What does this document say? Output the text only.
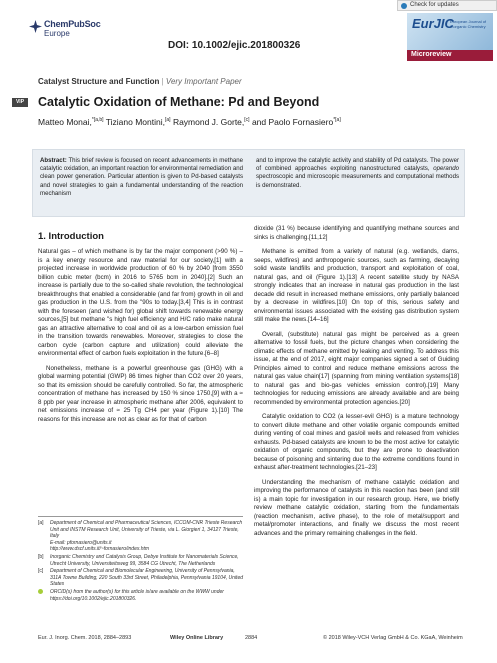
ChemPubSoc
Europe
Check for updates
DOI: 10.1002/ejic.201800326
EurJIC
European Journal of Inorganic Chemistry
Microreview
Catalyst Structure and Function | Very Important Paper
VIP	Catalytic Oxidation of Methane: Pd and Beyond
Matteo Monai,$^{*[a,b]}$ Tiziano Montini,[a] Raymond J. Gorte,[c] and Paolo Fornasiero$^{*[a]}$
Abstract: This brief review is focused on recent advancements in methane catalytic oxidation, an important reaction for environmental remediation and clean power generation. Particular attention is given to Pd-based catalysts and novel strategies to gain a fundamental understanding of the reaction mechanism
and to improve the catalytic activity and stability of Pd catalysts. The power of combined approaches exploiting nanostructured catalysts, operando spectroscopic and microscopic measurements and computational methods is demonstrated.
1. Introduction

Natural gas – of which methane is by far the major component (>90 %) – is a key energy resource and raw material for our society,[1] with a projected increase in worldwide production of 60 % by 2040 [from 3550 billion cubic meter (bcm) in 2016 to 5765 bcm in 2040].[2] Such an increase is partially due to the so-called shale revolution, the technological breakthroughs that enabled a considerable (and far from) growth in oil and gas production in the U.S. from the "90s to today.[3,4] This is in contrast with the foreseen (and wished for) global shift towards renewable energy sources,[5] but methane "s high fuel efficiency and H/C ratio make natural gas an attractive alternative to coal and oil as a low-carbon emission fuel in the transition towards renewables. Moreover, strategies to close the carbon cycle (carbon capture and utilization) could alleviate the environmental effect of carbon fuels exploitation in the future.[6–8]

Nonetheless, methane is a powerful greenhouse gas (GHG) with a global warming potential (GWP) 86 times higher than CO2 over 20 years, so that its emission should be carefully controlled. So far, the atmospheric concentration of methane has increased by 150 % since 1750,[9] with a ≈ 8 ppb per year increase in atmospheric methane after 2006, equivalent to net emissions increase of ≈ 25 Tg CH4 per year (Figure 1).[10] The reasons for this increase are not as clear as for that of carbon

dioxide (31 %) because identifying and quantifying methane sources and sinks is challenging.[11,12]

Methane is emitted from a variety of natural (e.g. wetlands, dams, seeps, wildfires) and anthropogenic sources, such as farming, decaying solid waste landfills and production, transport and exploitation of coal, natural gas, and oil (Figure 1).[13] A recent satellite study by NASA strongly indicates that an increase in natural gas production in the last decade did result in increased methane emissions, only partially balanced by a decrease in wildfires.[10] On top of this, serious safety and environmental issues associated with the existing gas distribution system still make the news.[14–16]

Overall, (substitute) natural gas might be perceived as a green alternative to fossil fuels, but the picture changes when considering the climatic effects of methane emitted by leaking and venting. To address this issue, at the end of 2017, eight major companies signed a set of Guiding Principles aimed to control and reduce methane emissions across the natural gas value chain[17] (spanning from mining ventilation systems[18] to natural gas and bio-gas vehicles emission control).[19] Many technologies for reducing emissions are already available and are being recommended by environmental protection agencies.[20]

Catalytic oxidation to CO2 (a lesser-evil GHG) is a mature technology to convert dilute methane and other volatile organic compounds emitted during venting of coal mines and gas/oil wells and released from vehicles exhausts. Pd-based catalysts are known to be the most active for catalytic oxidation of organic compounds, but they are prone to deactivation because of poisoning and sintering due to the extreme conditions found in exhaust after-treatment technologies.[21–23]

Understanding the mechanism of methane catalytic oxidation and improving the performance of catalysts in this reaction has been (and still is) a main topic for investigation in our research group. Here, we briefly review methane catalytic oxidation, starting from the fundamentals (reaction mechanism, active phase), to the role of metal/support and metal/promoter interactions, and finally we discuss the most recent advances and the primary remaining challenges in the field.

[a] Department of Chemical and Pharmaceutical Sciences, ICCOM-CNR Trieste Research Unit and INSTM Research Unit, University of Trieste, via L. Giorgieri 1, 34127 Trieste, Italy
E-mail: pfornasiero@units.it
http://www.dscf.units.it/~fornasiero/index.htm
[b] Inorganic Chemistry and Catalysis Group, Debye Institute for Nanomaterials Science, Utrecht University, Universiteitsweg 99, 3584 CG Utrecht, The Netherlands
[c] Department of Chemical and Biomolecular Engineering, University of Pennsylvania, 311A Towne Building, 220 South 33rd Street, Philadelphia, Pennsylvania 19104, United States
ORCID(s) from the author(s) for this article is/are available on the WWW under https://doi.org/10.1002/ejic.201800326.
Eur. J. Inorg. Chem. 2018, 2884–2893	Wiley Online Library	2884	© 2018 Wiley-VCH Verlag GmbH & Co. KGaA, Weinheim
